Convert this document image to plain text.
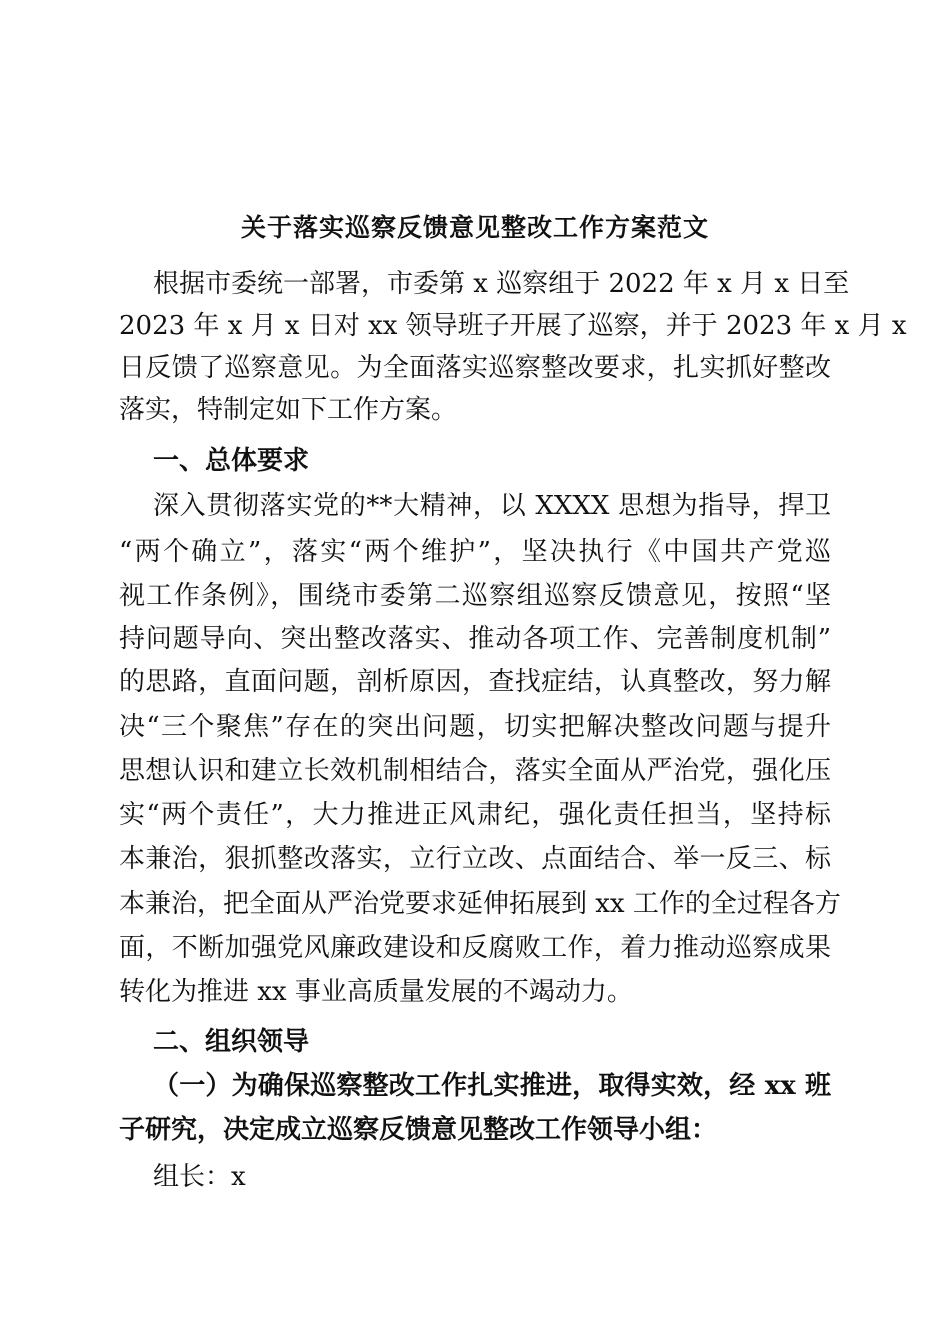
关于落实巡察反馈意见整改工作方案范文
根据市委统一部署，市委第 x 巡察组于 2022 年 x 月 x 日至
2023 年 x 月 x 日对 xx 领导班子开展了巡察，并于 2023 年 x 月 x
日反馈了巡察意见。为全面落实巡察整改要求，扎实抓好整改
落实，特制定如下工作方案。
一、总体要求
深入贯彻落实党的**大精神，以 XXXX 思想为指导，捍卫
“两个确立”，落实“两个维护”，坚决执行《中国共产党巡
视工作条例》，围绕市委第二巡察组巡察反馈意见，按照“坚
持问题导向、突出整改落实、推动各项工作、完善制度机制”
的思路，直面问题，剖析原因，查找症结，认真整改，努力解
决“三个聚焦”存在的突出问题，切实把解决整改问题与提升
思想认识和建立长效机制相结合，落实全面从严治党，强化压
实“两个责任”，大力推进正风肃纪，强化责任担当，坚持标
本兼治，狠抓整改落实，立行立改、点面结合、举一反三、标
本兼治，把全面从严治党要求延伸拓展到 xx 工作的全过程各方
面，不断加强党风廉政建设和反腐败工作，着力推动巡察成果
转化为推进 xx 事业高质量发展的不竭动力。
二、组织领导
（一）为确保巡察整改工作扎实推进，取得实效，经 xx 班
子研究，决定成立巡察反馈意见整改工作领导小组：
组长：x
